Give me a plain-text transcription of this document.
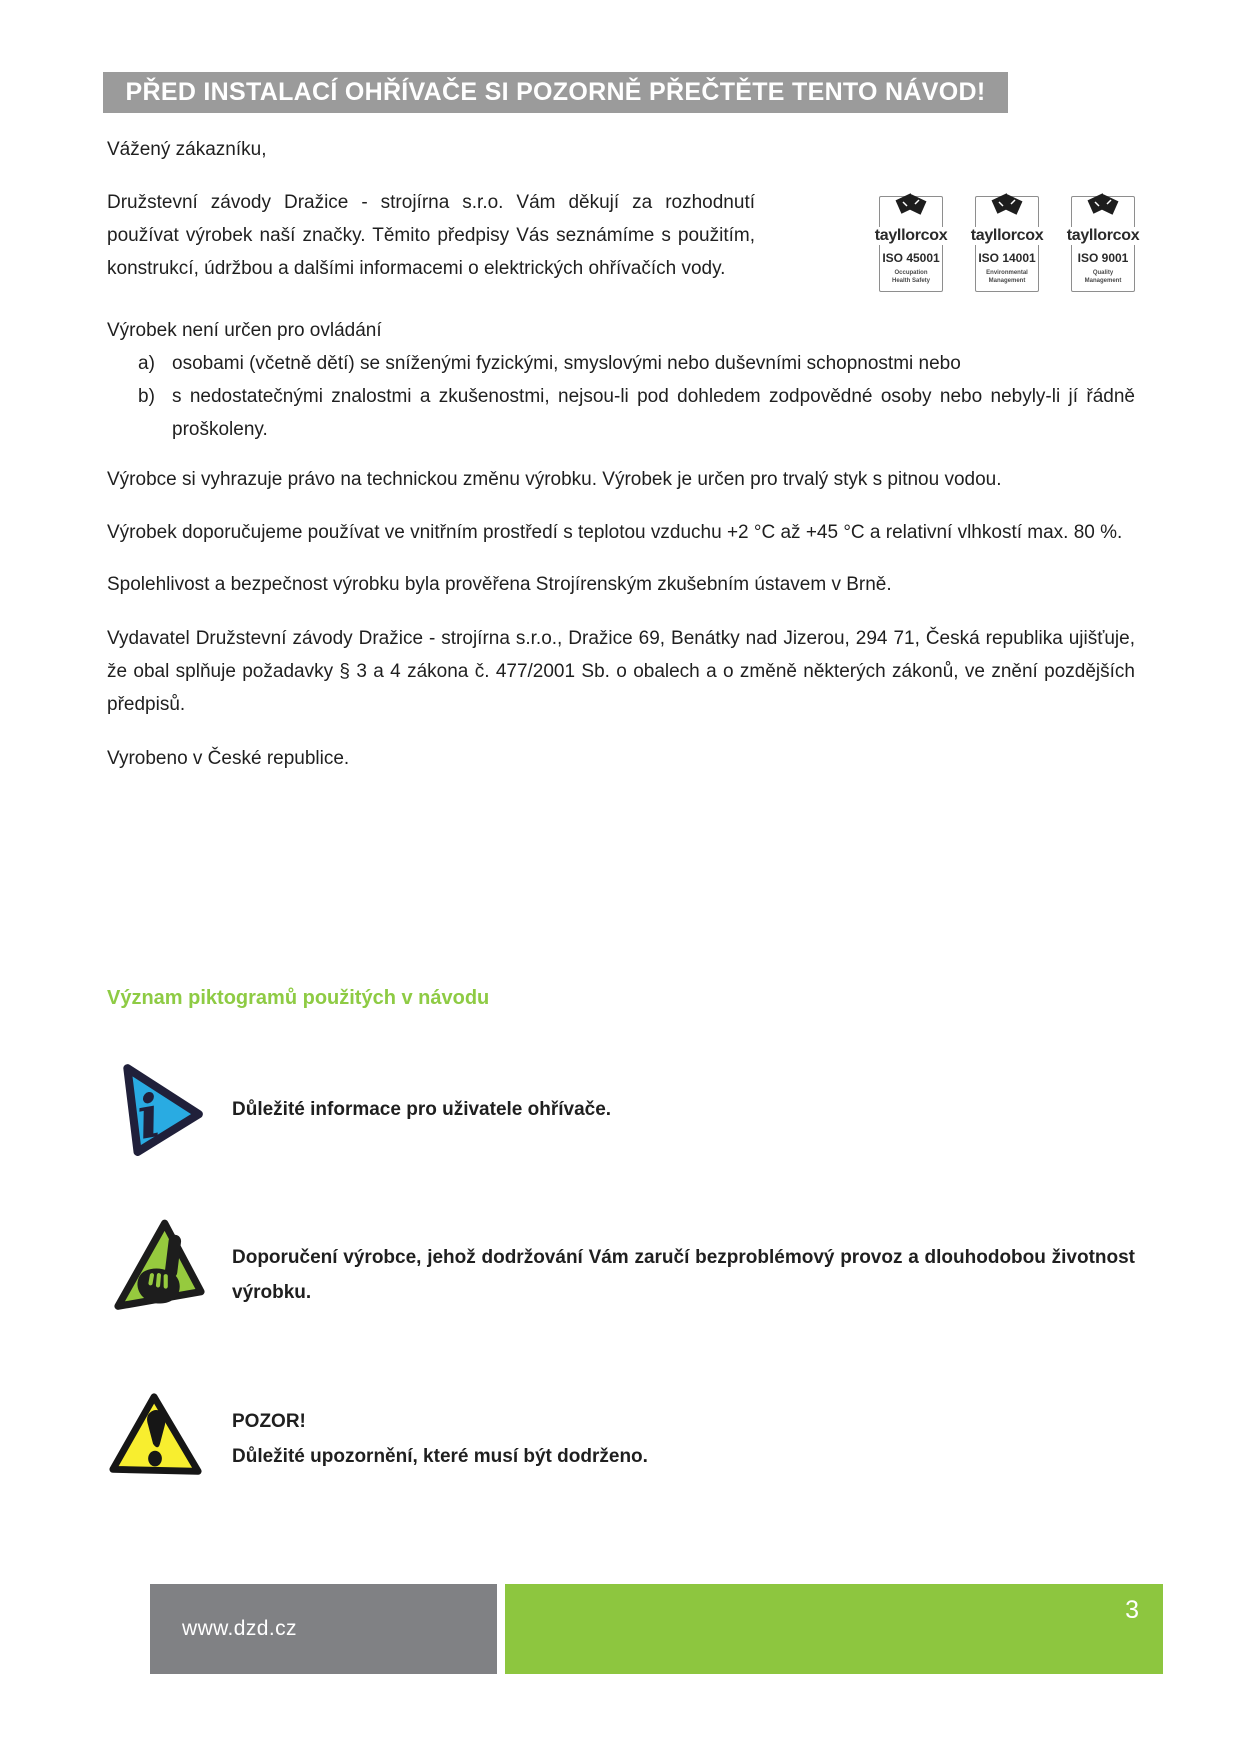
PŘED INSTALACÍ OHŘÍVAČE SI POZORNĚ PŘEČTĚTE TENTO NÁVOD!

Vážený zákazníku,

Družstevní závody Dražice - strojírna s.r.o. Vám děkují za rozhodnutí používat výrobek naší značky. Těmito předpisy Vás seznámíme s použitím, konstrukcí, údržbou a dalšími informacemi o elektrických ohřívačích vody.

tayllorcox
ISO 45001
Occupation
Health Safety
tayllorcox
ISO 14001
Environmental
Management
tayllorcox
ISO 9001
Quality
Management

Výrobek není určen pro ovládání

a) osobami (včetně dětí) se sníženými fyzickými, smyslovými nebo duševními schopnostmi nebo
b) s nedostatečnými znalostmi a zkušenostmi, nejsou-li pod dohledem zodpovědné osoby nebo nebyly-li jí řádně proškoleny.

Výrobce si vyhrazuje právo na technickou změnu výrobku. Výrobek je určen pro trvalý styk s pitnou vodou.

Výrobek doporučujeme používat ve vnitřním prostředí s teplotou vzduchu +2 °C až +45 °C a relativní vlhkostí max. 80 %.

Spolehlivost a bezpečnost výrobku byla prověřena Strojírenským zkušebním ústavem v Brně.

Vydavatel Družstevní závody Dražice - strojírna s.r.o., Dražice 69, Benátky nad Jizerou, 294 71, Česká republika ujišťuje, že obal splňuje požadavky § 3 a 4 zákona č. 477/2001 Sb. o obalech a o změně některých zákonů, ve znění pozdějších předpisů.

Vyrobeno v České republice.

Význam piktogramů použitých v návodu
i	Důležité informace pro uživatele ohřívače.
Doporučení výrobce, jehož dodržování Vám zaručí bezproblémový provoz a dlouhodobou životnost výrobku.
POZOR!
Důležité upozornění, které musí být dodrženo.
www.dzd.cz
3
